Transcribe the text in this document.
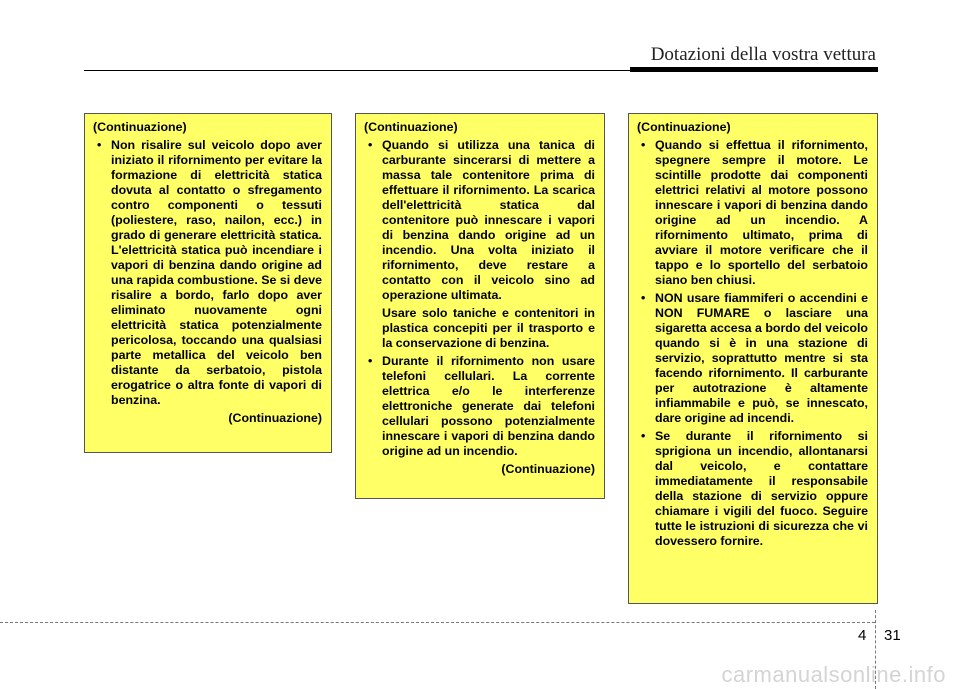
Dotazioni della vostra vettura

(Continuazione)

• Non risalire sul veicolo dopo aver iniziato il rifornimento per evitare la formazione di elettricità statica dovuta al contatto o sfregamento contro componenti o tessuti (poliestere, raso, nailon, ecc.) in grado di generare elettricità statica. L'elettricità statica può incendiare i vapori di benzina dando origine ad una rapida combustione. Se si deve risalire a bordo, farlo dopo aver eliminato nuovamente ogni elettricità statica potenzialmente pericolosa, toccando una qualsiasi parte metallica del veicolo ben distante da serbatoio, pistola erogatrice o altra fonte di vapori di benzina.

(Continuazione)

(Continuazione)

• Quando si utilizza una tanica di carburante sincerarsi di mettere a massa tale contenitore prima di effettuare il rifornimento. La scarica dell'elettricità statica dal contenitore può innescare i vapori di benzina dando origine ad un incendio. Una volta iniziato il rifornimento, deve restare a contatto con il veicolo sino ad operazione ultimata.

Usare solo taniche e contenitori in plastica concepiti per il trasporto e la conservazione di benzina.

• Durante il rifornimento non usare telefoni cellulari. La corrente elettrica e/o le interferenze elettroniche generate dai telefoni cellulari possono potenzialmente innescare i vapori di benzina dando origine ad un incendio.

(Continuazione)

(Continuazione)

• Quando si effettua il rifornimento, spegnere sempre il motore. Le scintille prodotte dai componenti elettrici relativi al motore possono innescare i vapori di benzina dando origine ad un incendio. A rifornimento ultimato, prima di avviare il motore verificare che il tappo e lo sportello del serbatoio siano ben chiusi.
• NON usare fiammiferi o accendini e NON FUMARE o lasciare una sigaretta accesa a bordo del veicolo quando si è in una stazione di servizio, soprattutto mentre si sta facendo rifornimento. Il carburante per autotrazione è altamente infiammabile e può, se innescato, dare origine ad incendi.
• Se durante il rifornimento si sprigiona un incendio, allontanarsi dal veicolo, e contattare immediatamente il responsabile della stazione di servizio oppure chiamare i vigili del fuoco. Seguire tutte le istruzioni di sicurezza che vi dovessero fornire.
4 31
carmanualsonline.info
